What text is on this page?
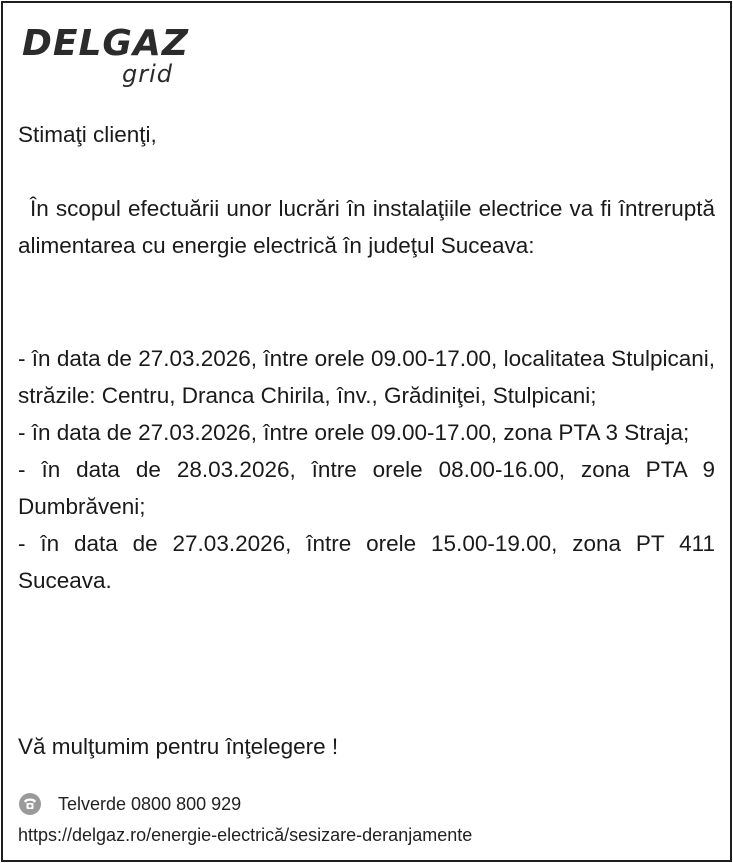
DELGAZ
grid
Stimaţi clienţi,
În scopul efectuării unor lucrări în instalaţiile electrice va fi întreruptă alimentarea cu energie electrică în judeţul Suceava:

- în data de 27.03.2026, între orele 09.00-17.00, localitatea Stulpicani, străzile: Centru, Dranca Chirila, înv., Grădiniţei, Stulpicani;

- în data de 27.03.2026, între orele 09.00-17.00, zona PTA 3 Straja;

- în data de 28.03.2026, între orele 08.00-16.00, zona PTA 9 Dumbrăveni;

- în data de 27.03.2026, între orele 15.00-19.00, zona PT 411 Suceava.

Vă mulţumim pentru înţelegere !
Telverde 0800 800 929
https://delgaz.ro/energie-electrică/sesizare-deranjamente
